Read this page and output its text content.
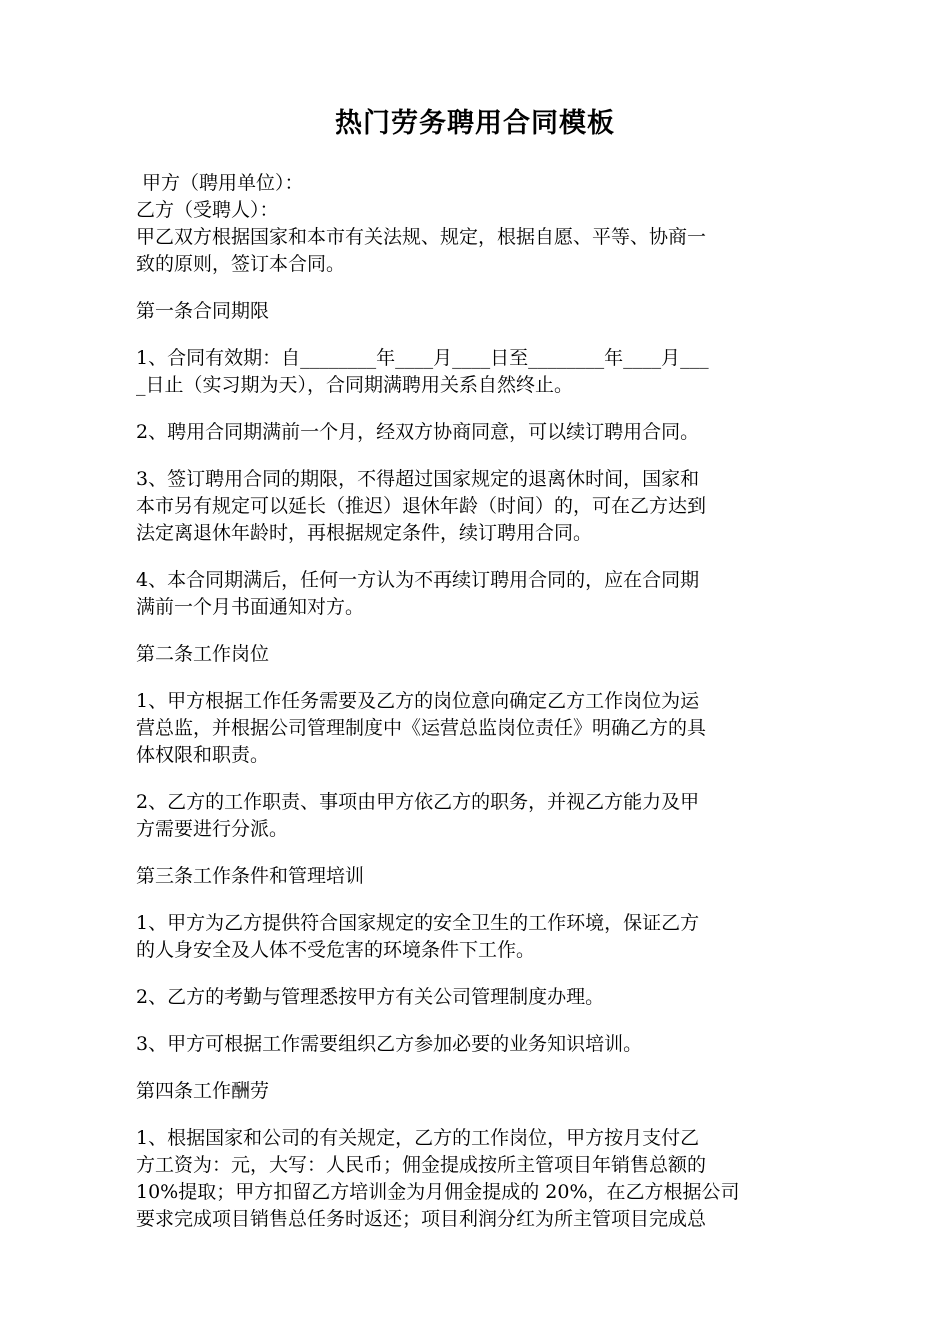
热门劳务聘用合同模板
甲方（聘用单位）：
乙方（受聘人）：
甲乙双方根据国家和本市有关法规、规定，根据自愿、平等、协商一
致的原则，签订本合同。
第一条合同期限
1、合同有效期：自________年____月____日至________年____月___
_日止（实习期为天），合同期满聘用关系自然终止。
2、聘用合同期满前一个月，经双方协商同意，可以续订聘用合同。
3、签订聘用合同的期限，不得超过国家规定的退离休时间，国家和
本市另有规定可以延长（推迟）退休年龄（时间）的，可在乙方达到
法定离退休年龄时，再根据规定条件，续订聘用合同。
4、本合同期满后，任何一方认为不再续订聘用合同的，应在合同期
满前一个月书面通知对方。
第二条工作岗位
1、甲方根据工作任务需要及乙方的岗位意向确定乙方工作岗位为运
营总监，并根据公司管理制度中《运营总监岗位责任》明确乙方的具
体权限和职责。
2、乙方的工作职责、事项由甲方依乙方的职务，并视乙方能力及甲
方需要进行分派。
第三条工作条件和管理培训
1、甲方为乙方提供符合国家规定的安全卫生的工作环境，保证乙方
的人身安全及人体不受危害的环境条件下工作。
2、乙方的考勤与管理悉按甲方有关公司管理制度办理。
3、甲方可根据工作需要组织乙方参加必要的业务知识培训。
第四条工作酬劳
1、根据国家和公司的有关规定，乙方的工作岗位，甲方按月支付乙
方工资为：元，大写：人民币；佣金提成按所主管项目年销售总额的
10%提取；甲方扣留乙方培训金为月佣金提成的 20%，在乙方根据公司
要求完成项目销售总任务时返还；项目利润分红为所主管项目完成总
